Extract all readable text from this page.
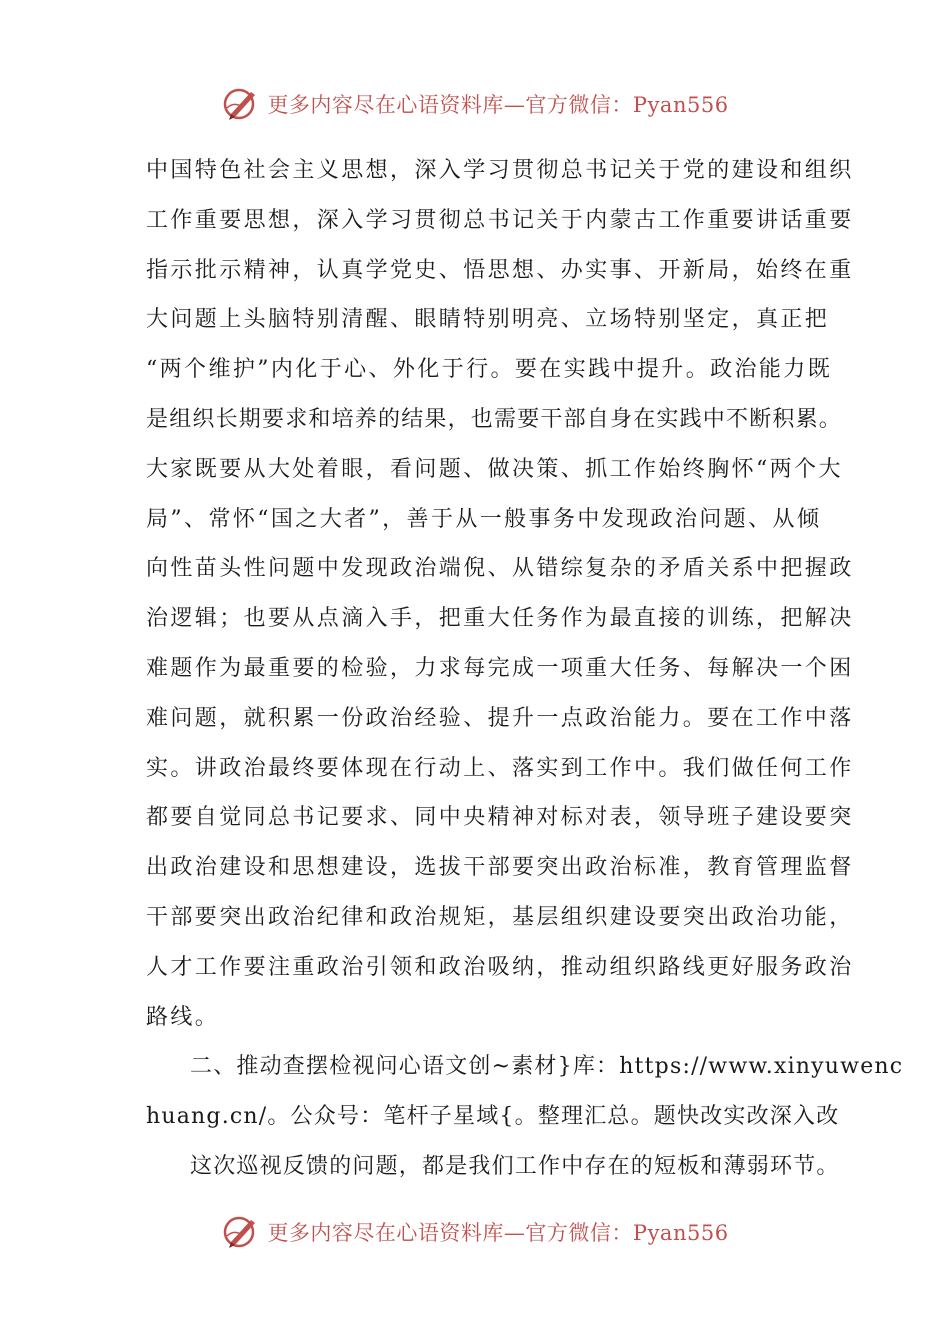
更多内容尽在心语资料库—官方微信：Pyan556
中国特色社会主义思想，深入学习贯彻总书记关于党的建设和组织
工作重要思想，深入学习贯彻总书记关于内蒙古工作重要讲话重要
指示批示精神，认真学党史、悟思想、办实事、开新局，始终在重
大问题上头脑特别清醒、眼睛特别明亮、立场特别坚定，真正把
“两个维护”内化于心、外化于行。要在实践中提升。政治能力既
是组织长期要求和培养的结果，也需要干部自身在实践中不断积累。
大家既要从大处着眼，看问题、做决策、抓工作始终胸怀“两个大
局”、常怀“国之大者”，善于从一般事务中发现政治问题、从倾
向性苗头性问题中发现政治端倪、从错综复杂的矛盾关系中把握政
治逻辑；也要从点滴入手，把重大任务作为最直接的训练，把解决
难题作为最重要的检验，力求每完成一项重大任务、每解决一个困
难问题，就积累一份政治经验、提升一点政治能力。要在工作中落
实。讲政治最终要体现在行动上、落实到工作中。我们做任何工作
都要自觉同总书记要求、同中央精神对标对表，领导班子建设要突
出政治建设和思想建设，选拔干部要突出政治标准，教育管理监督
干部要突出政治纪律和政治规矩，基层组织建设要突出政治功能，
人才工作要注重政治引领和政治吸纳，推动组织路线更好服务政治
路线。
二、推动查摆检视问心语文创~素材}库：https://www.xinyuwenc
huang.cn/。公众号：笔杆子星域{。整理汇总。题快改实改深入改
这次巡视反馈的问题，都是我们工作中存在的短板和薄弱环节。
更多内容尽在心语资料库—官方微信：Pyan556
